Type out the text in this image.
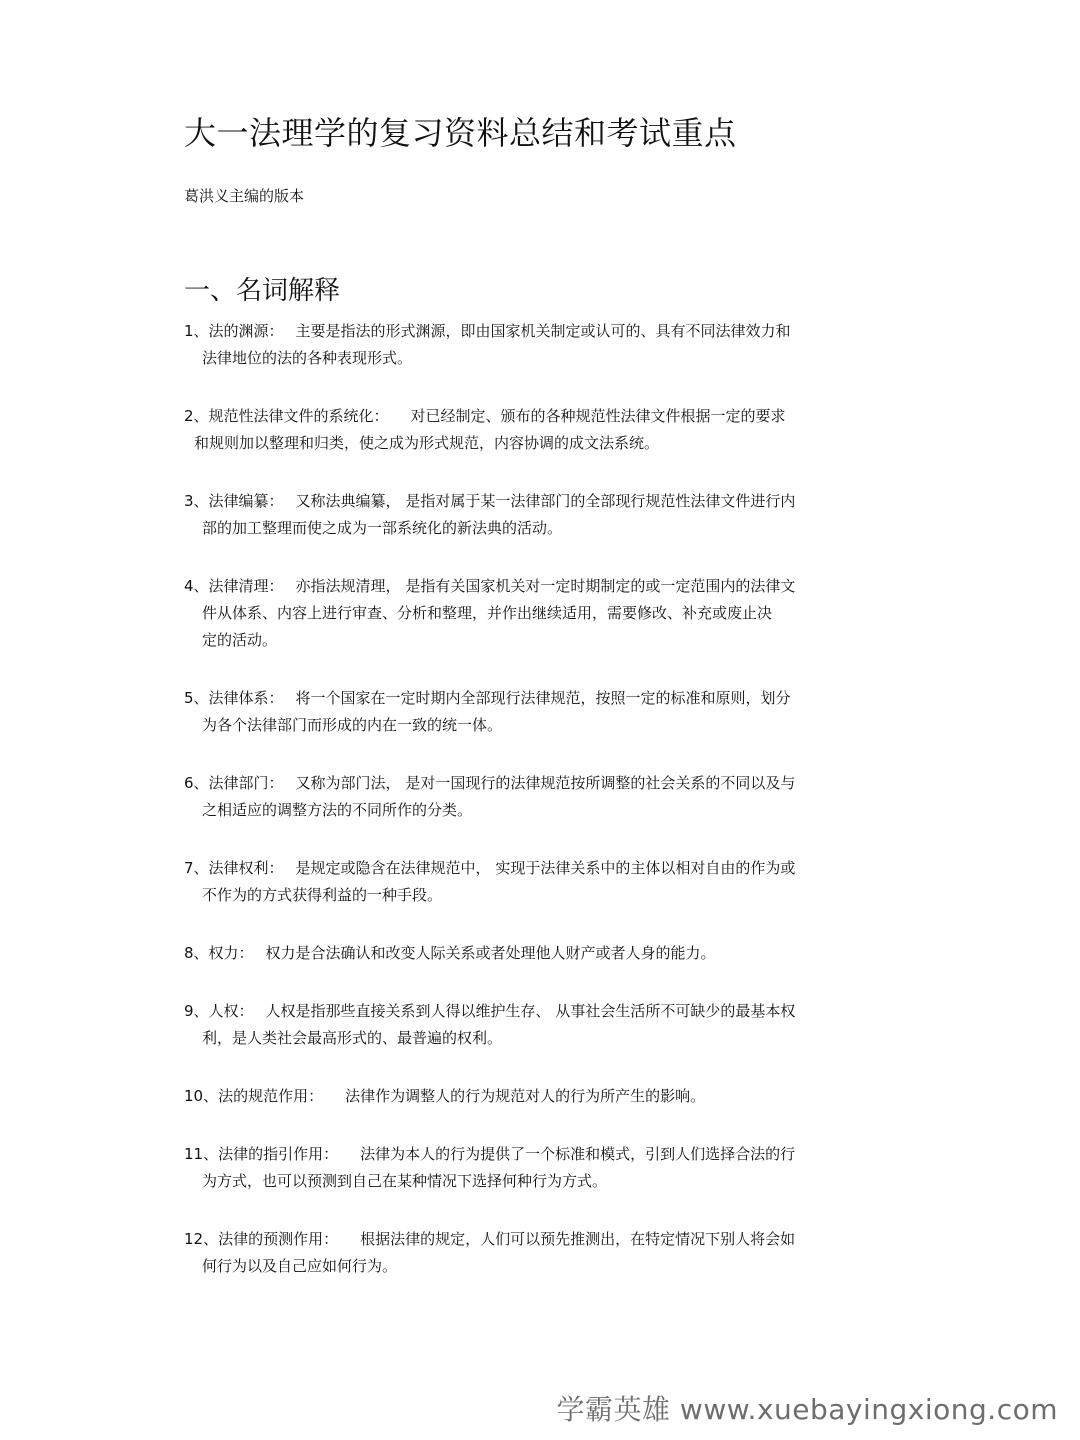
大一法理学的复习资料总结和考试重点

葛洪义主编的版本

一、名词解释
1、法的渊源： 主要是指法的形式渊源，即由国家机关制定或认可的、具有不同法律效力和
法律地位的法的各种表现形式。
2、规范性法律文件的系统化： 对已经制定、颁布的各种规范性法律文件根据一定的要求
和规则加以整理和归类，使之成为形式规范，内容协调的成文法系统。
3、法律编纂： 又称法典编纂， 是指对属于某一法律部门的全部现行规范性法律文件进行内
部的加工整理而使之成为一部系统化的新法典的活动。
4、法律清理： 亦指法规清理， 是指有关国家机关对一定时期制定的或一定范围内的法律文
件从体系、内容上进行审查、分析和整理，并作出继续适用，需要修改、补充或废止决
定的活动。
5、法律体系： 将一个国家在一定时期内全部现行法律规范，按照一定的标准和原则，划分
为各个法律部门而形成的内在一致的统一体。
6、法律部门： 又称为部门法， 是对一国现行的法律规范按所调整的社会关系的不同以及与
之相适应的调整方法的不同所作的分类。
7、法律权利： 是规定或隐含在法律规范中， 实现于法律关系中的主体以相对自由的作为或
不作为的方式获得利益的一种手段。
8、权力： 权力是合法确认和改变人际关系或者处理他人财产或者人身的能力。
9、人权： 人权是指那些直接关系到人得以维护生存、 从事社会生活所不可缺少的最基本权
利，是人类社会最高形式的、最普遍的权利。
10、法的规范作用： 法律作为调整人的行为规范对人的行为所产生的影响。
11、法律的指引作用： 法律为本人的行为提供了一个标准和模式，引到人们选择合法的行
为方式，也可以预测到自己在某种情况下选择何种行为方式。
12、法律的预测作用： 根据法律的规定，人们可以预先推测出，在特定情况下别人将会如
何行为以及自己应如何行为。
学霸英雄 www.xuebayingxiong.com
